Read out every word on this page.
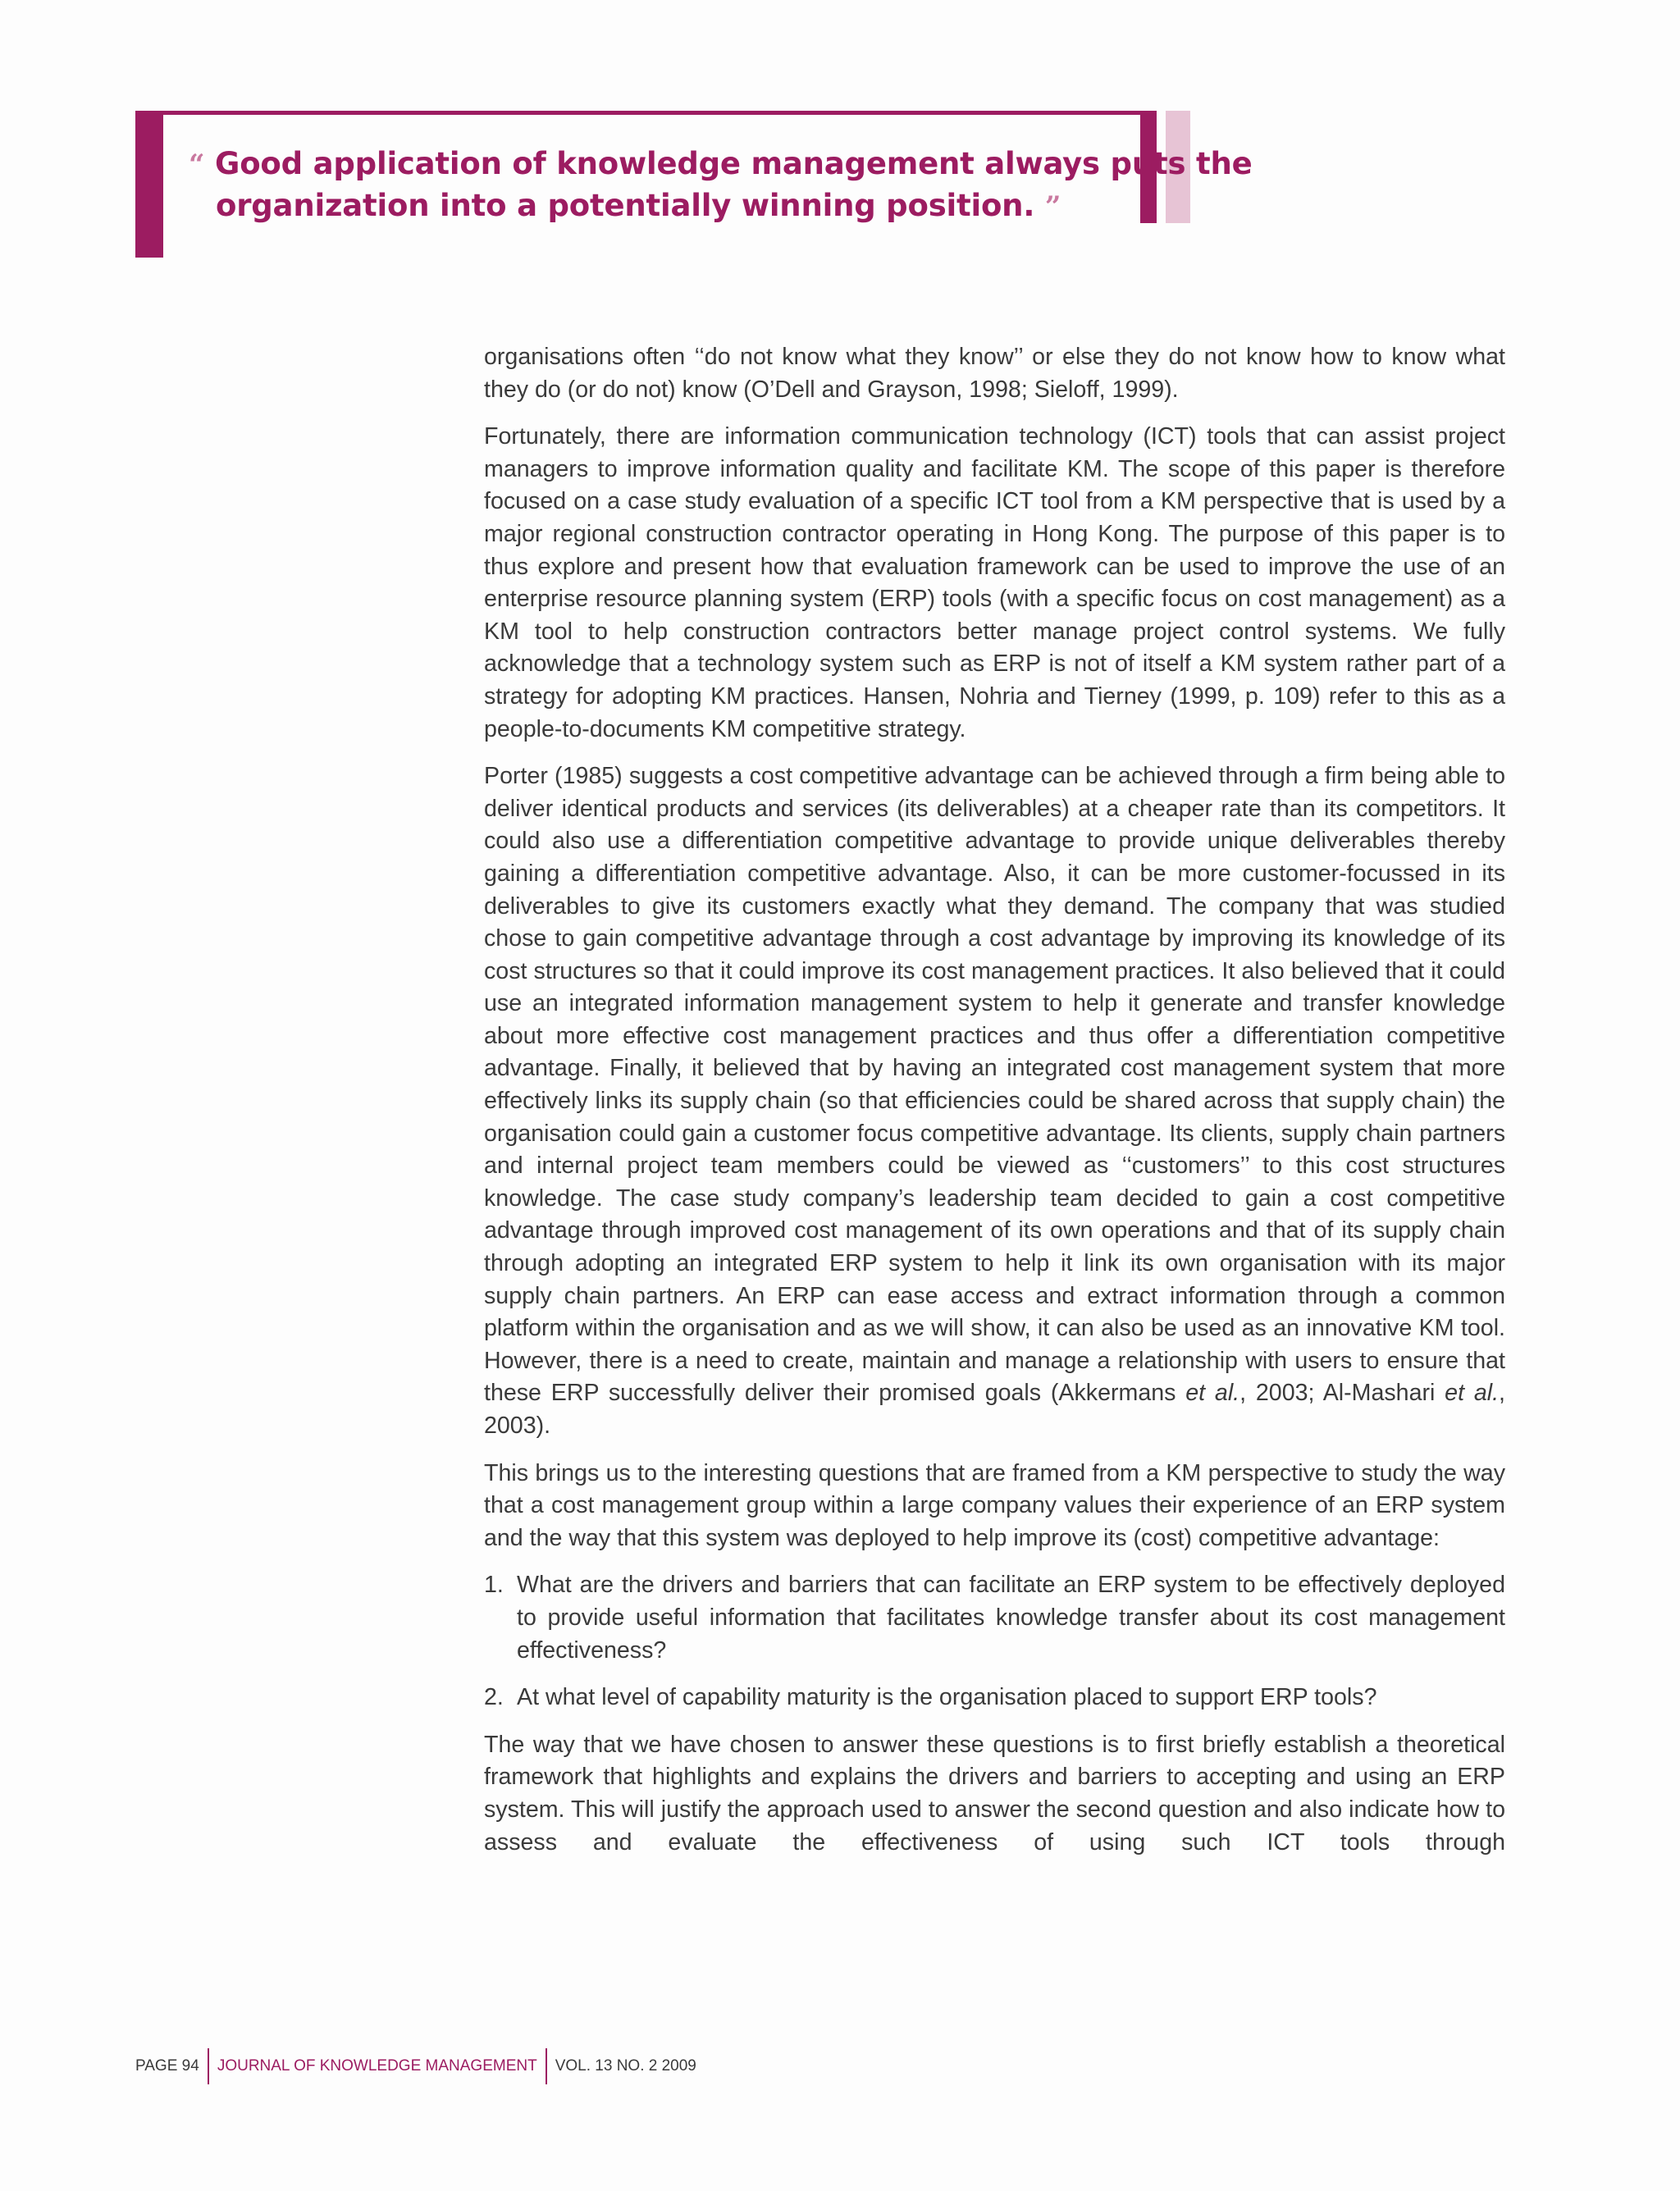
“ Good application of knowledge management always puts the
organization into a potentially winning position. ”

organisations often ‘‘do not know what they know’’ or else they do not know how to know what they do (or do not) know (O’Dell and Grayson, 1998; Sieloff, 1999).

Fortunately, there are information communication technology (ICT) tools that can assist project managers to improve information quality and facilitate KM. The scope of this paper is therefore focused on a case study evaluation of a specific ICT tool from a KM perspective that is used by a major regional construction contractor operating in Hong Kong. The purpose of this paper is to thus explore and present how that evaluation framework can be used to improve the use of an enterprise resource planning system (ERP) tools (with a specific focus on cost management) as a KM tool to help construction contractors better manage project control systems. We fully acknowledge that a technology system such as ERP is not of itself a KM system rather part of a strategy for adopting KM practices. Hansen, Nohria and Tierney (1999, p. 109) refer to this as a people-to-documents KM competitive strategy.

Porter (1985) suggests a cost competitive advantage can be achieved through a firm being able to deliver identical products and services (its deliverables) at a cheaper rate than its competitors. It could also use a differentiation competitive advantage to provide unique deliverables thereby gaining a differentiation competitive advantage. Also, it can be more customer-focussed in its deliverables to give its customers exactly what they demand. The company that was studied chose to gain competitive advantage through a cost advantage by improving its knowledge of its cost structures so that it could improve its cost management practices. It also believed that it could use an integrated information management system to help it generate and transfer knowledge about more effective cost management practices and thus offer a differentiation competitive advantage. Finally, it believed that by having an integrated cost management system that more effectively links its supply chain (so that efficiencies could be shared across that supply chain) the organisation could gain a customer focus competitive advantage. Its clients, supply chain partners and internal project team members could be viewed as ‘‘customers’’ to this cost structures knowledge. The case study company’s leadership team decided to gain a cost competitive advantage through improved cost management of its own operations and that of its supply chain through adopting an integrated ERP system to help it link its own organisation with its major supply chain partners. An ERP can ease access and extract information through a common platform within the organisation and as we will show, it can also be used as an innovative KM tool. However, there is a need to create, maintain and manage a relationship with users to ensure that these ERP successfully deliver their promised goals (Akkermans et al., 2003; Al-Mashari et al., 2003).

This brings us to the interesting questions that are framed from a KM perspective to study the way that a cost management group within a large company values their experience of an ERP system and the way that this system was deployed to help improve its (cost) competitive advantage:

1. What are the drivers and barriers that can facilitate an ERP system to be effectively deployed to provide useful information that facilitates knowledge transfer about its cost management effectiveness?
2. At what level of capability maturity is the organisation placed to support ERP tools?

The way that we have chosen to answer these questions is to first briefly establish a theoretical framework that highlights and explains the drivers and barriers to accepting and using an ERP system. This will justify the approach used to answer the second question and also indicate how to assess and evaluate the effectiveness of using such ICT tools through

PAGE 94	JOURNAL OF KNOWLEDGE MANAGEMENT	VOL. 13 NO. 2 2009
